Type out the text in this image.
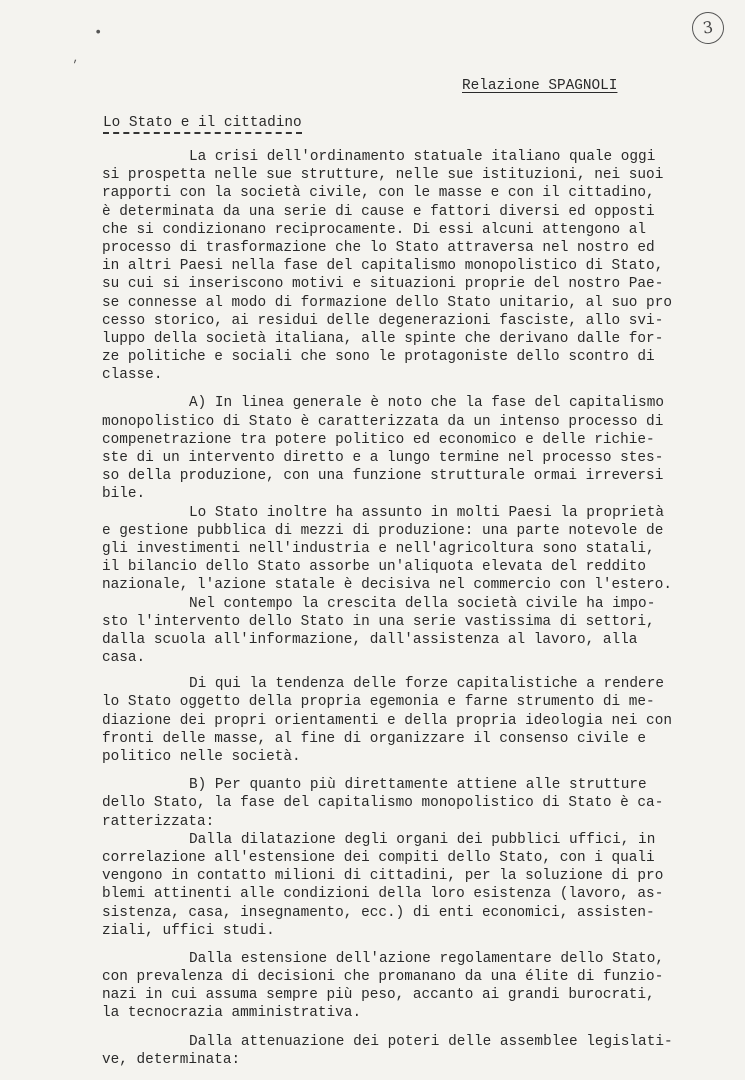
3
•
'
Relazione SPAGNOLI
Lo Stato e il cittadino
La crisi dell'ordinamento statuale italiano quale oggi
si prospetta nelle sue strutture, nelle sue istituzioni, nei suoi
rapporti con la società civile, con le masse e con il cittadino,
è determinata da una serie di cause e fattori diversi ed opposti
che si condizionano reciprocamente. Di essi alcuni attengono al
processo di trasformazione che lo Stato attraversa nel nostro ed
in altri Paesi nella fase del capitalismo monopolistico di Stato,
su cui si inseriscono motivi e situazioni proprie del nostro Pae-
se connesse al modo di formazione dello Stato unitario, al suo pro
cesso storico, ai residui delle degenerazioni fasciste, allo svi-
luppo della società italiana, alle spinte che derivano dalle for-
ze politiche e sociali che sono le protagoniste dello scontro di
classe.
A) In linea generale è noto che la fase del capitalismo
monopolistico di Stato è caratterizzata da un intenso processo di
compenetrazione tra potere politico ed economico e delle richie-
ste di un intervento diretto e a lungo termine nel processo stes-
so della produzione, con una funzione strutturale ormai irreversi
bile.
Lo Stato inoltre ha assunto in molti Paesi la proprietà
e gestione pubblica di mezzi di produzione: una parte notevole de
gli investimenti nell'industria e nell'agricoltura sono statali,
il bilancio dello Stato assorbe un'aliquota elevata del reddito
nazionale, l'azione statale è decisiva nel commercio con l'estero.
Nel contempo la crescita della società civile ha impo-
sto l'intervento dello Stato in una serie vastissima di settori,
dalla scuola all'informazione, dall'assistenza al lavoro, alla
casa.
Di qui la tendenza delle forze capitalistiche a rendere
lo Stato oggetto della propria egemonia e farne strumento di me-
diazione dei propri orientamenti e della propria ideologia nei con
fronti delle masse, al fine di organizzare il consenso civile e
politico nelle società.
B) Per quanto più direttamente attiene alle strutture
dello Stato, la fase del capitalismo monopolistico di Stato è ca-
ratterizzata:
Dalla dilatazione degli organi dei pubblici uffici, in
correlazione all'estensione dei compiti dello Stato, con i quali
vengono in contatto milioni di cittadini, per la soluzione di pro
blemi attinenti alle condizioni della loro esistenza (lavoro, as-
sistenza, casa, insegnamento, ecc.) di enti economici, assisten-
ziali, uffici studi.
Dalla estensione dell'azione regolamentare dello Stato,
con prevalenza di decisioni che promanano da una élite di funzio-
nazi in cui assuma sempre più peso, accanto ai grandi burocrati,
la tecnocrazia amministrativa.
Dalla attenuazione dei poteri delle assemblee legislati-
ve, determinata:
